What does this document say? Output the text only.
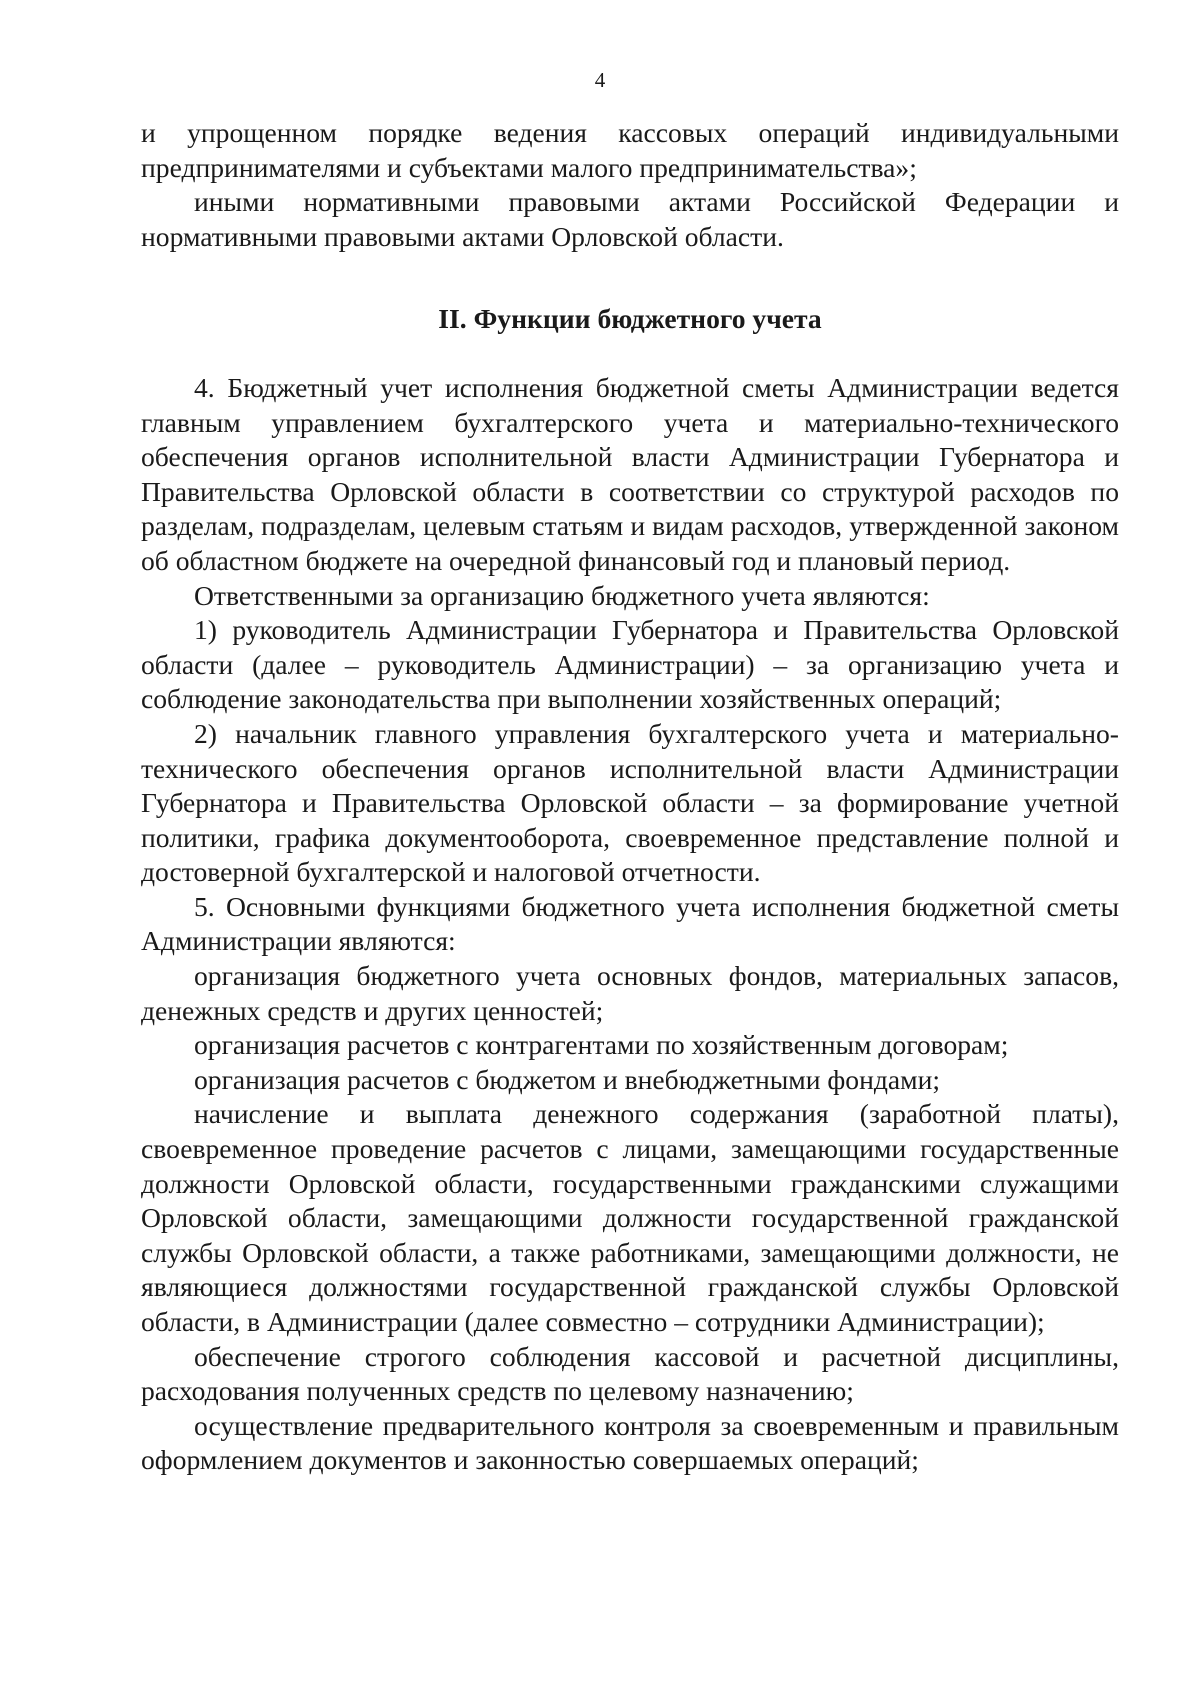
4

и упрощенном порядке ведения кассовых операций индивидуальными предпринимателями и субъектами малого предпринимательства»;

иными нормативными правовыми актами Российской Федерации и нормативными правовыми актами Орловской области.

II. Функции бюджетного учета

4. Бюджетный учет исполнения бюджетной сметы Администрации ведется главным управлением бухгалтерского учета и материально-технического обеспечения органов исполнительной власти Администрации Губернатора и Правительства Орловской области в соответствии со структурой расходов по разделам, подразделам, целевым статьям и видам расходов, утвержденной законом об областном бюджете на очередной финансовый год и плановый период.

Ответственными за организацию бюджетного учета являются:

1) руководитель Администрации Губернатора и Правительства Орловской области (далее – руководитель Администрации) – за организацию учета и соблюдение законодательства при выполнении хозяйственных операций;

2) начальник главного управления бухгалтерского учета и материально-технического обеспечения органов исполнительной власти Администрации Губернатора и Правительства Орловской области – за формирование учетной политики, графика документооборота, своевременное представление полной и достоверной бухгалтерской и налоговой отчетности.

5. Основными функциями бюджетного учета исполнения бюджетной сметы Администрации являются:

организация бюджетного учета основных фондов, материальных запасов, денежных средств и других ценностей;

организация расчетов с контрагентами по хозяйственным договорам;

организация расчетов с бюджетом и внебюджетными фондами;

начисление и выплата денежного содержания (заработной платы), своевременное проведение расчетов с лицами, замещающими государственные должности Орловской области, государственными гражданскими служащими Орловской области, замещающими должности государственной гражданской службы Орловской области, а также работниками, замещающими должности, не являющиеся должностями государственной гражданской службы Орловской области, в Администрации (далее совместно – сотрудники Администрации);

обеспечение строгого соблюдения кассовой и расчетной дисциплины, расходования полученных средств по целевому назначению;

осуществление предварительного контроля за своевременным и правильным оформлением документов и законностью совершаемых операций;
